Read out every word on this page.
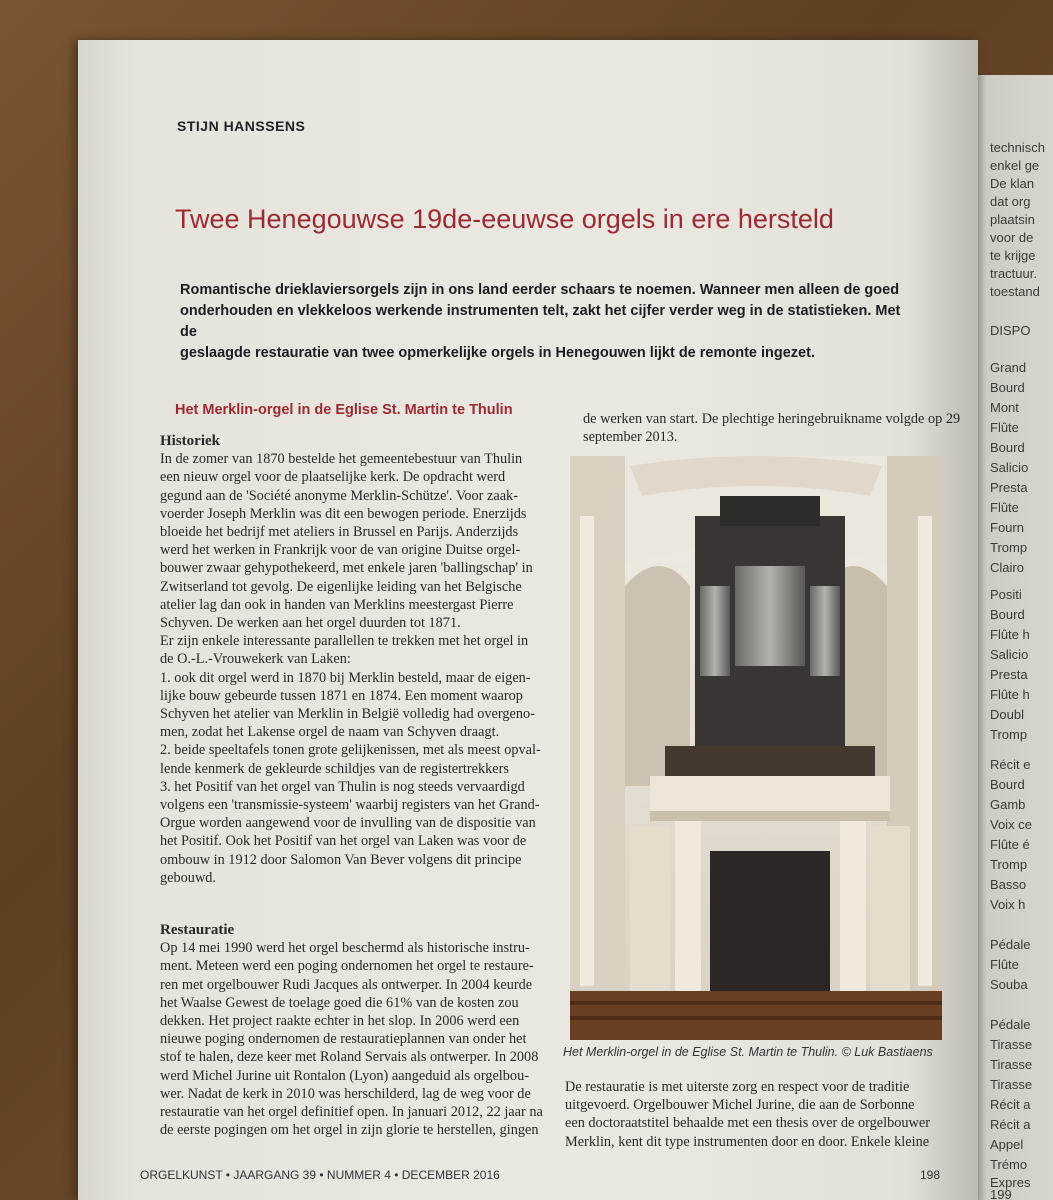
technisch
enkel ge
De klan
dat org
plaatsin
voor de
te krijge
tractuur.
toestand
DISPO
Grand
Bourd
Mont
Flûte
Bourd
Salicio
Presta
Flûte
Fourn
Tromp
Clairo
Positi
Bourd
Flûte h
Salicio
Presta
Flûte h
Doubl
Tromp
Récit e
Bourd
Gamb
Voix ce
Flûte é
Tromp
Basso
Voix h
Pédale
Flûte
Souba
Pédale
Tirasse
Tirasse
Tirasse
Récit a
Récit a
Appel
Trémo
Expres
199
STIJN HANSSENS
Twee Henegouwse 19de-eeuwse orgels in ere hersteld
Romantische drieklaviersorgels zijn in ons land eerder schaars te noemen. Wanneer men alleen de goed
onderhouden en vlekkeloos werkende instrumenten telt, zakt het cijfer verder weg in de statistieken. Met de
geslaagde restauratie van twee opmerkelijke orgels in Henegouwen lijkt de remonte ingezet.
Het Merklin-orgel in de Eglise St. Martin te Thulin

Historiek

In de zomer van 1870 bestelde het gemeentebestuur van Thulin

een nieuw orgel voor de plaatselijke kerk. De opdracht werd

gegund aan de 'Société anonyme Merklin-Schütze'. Voor zaak-

voerder Joseph Merklin was dit een bewogen periode. Enerzijds

bloeide het bedrijf met ateliers in Brussel en Parijs. Anderzijds

werd het werken in Frankrijk voor de van origine Duitse orgel-

bouwer zwaar gehypothekeerd, met enkele jaren 'ballingschap' in

Zwitserland tot gevolg. De eigenlijke leiding van het Belgische

atelier lag dan ook in handen van Merklins meestergast Pierre

Schyven. De werken aan het orgel duurden tot 1871.

Er zijn enkele interessante parallellen te trekken met het orgel in

de O.-L.-Vrouwekerk van Laken:

1. ook dit orgel werd in 1870 bij Merklin besteld, maar de eigen-

lijke bouw gebeurde tussen 1871 en 1874. Een moment waarop

Schyven het atelier van Merklin in België volledig had overgeno-

men, zodat het Lakense orgel de naam van Schyven draagt.

2. beide speeltafels tonen grote gelijkenissen, met als meest opval-

lende kenmerk de gekleurde schildjes van de registertrekkers

3. het Positif van het orgel van Thulin is nog steeds vervaardigd

volgens een 'transmissie-systeem' waarbij registers van het Grand-

Orgue worden aangewend voor de invulling van de dispositie van

het Positif. Ook het Positif van het orgel van Laken was voor de

ombouw in 1912 door Salomon Van Bever volgens dit principe

gebouwd.

Restauratie

Op 14 mei 1990 werd het orgel beschermd als historische instru-

ment. Meteen werd een poging ondernomen het orgel te restaure-

ren met orgelbouwer Rudi Jacques als ontwerper. In 2004 keurde

het Waalse Gewest de toelage goed die 61% van de kosten zou

dekken. Het project raakte echter in het slop. In 2006 werd een

nieuwe poging ondernomen de restauratieplannen van onder het

stof te halen, deze keer met Roland Servais als ontwerper. In 2008

werd Michel Jurine uit Rontalon (Lyon) aangeduid als orgelbou-

wer. Nadat de kerk in 2010 was herschilderd, lag de weg voor de

restauratie van het orgel definitief open. In januari 2012, 22 jaar na

de eerste pogingen om het orgel in zijn glorie te herstellen, gingen

de werken van start. De plechtige heringebruikname volgde op 29

september 2013.

Het Merklin-orgel in de Eglise St. Martin te Thulin. © Luk Bastiaens

De restauratie is met uiterste zorg en respect voor de traditie

uitgevoerd. Orgelbouwer Michel Jurine, die aan de Sorbonne

een doctoraatstitel behaalde met een thesis over de orgelbouwer

Merklin, kent dit type instrumenten door en door. Enkele kleine

ORGELKUNST • JAARGANG 39 • NUMMER 4 • DECEMBER 2016	198
